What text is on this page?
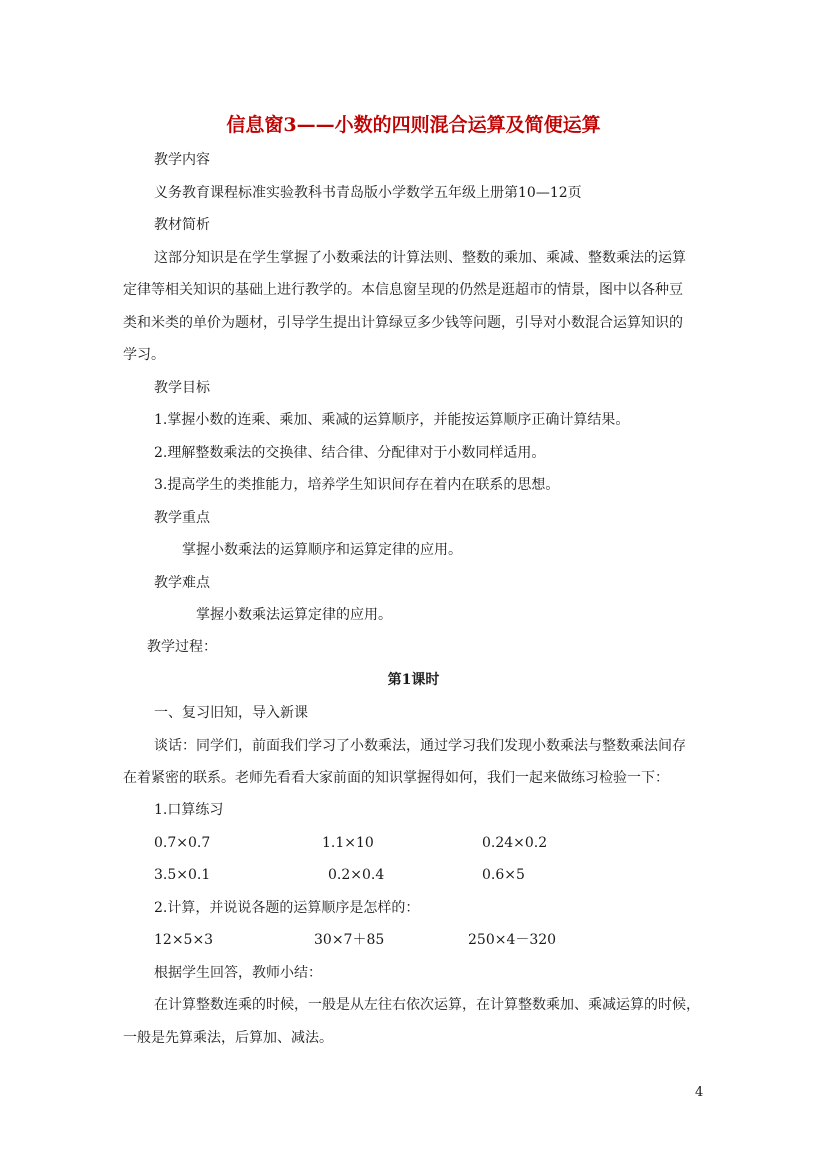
信息窗3——小数的四则混合运算及简便运算
教学内容
义务教育课程标准实验教科书青岛版小学数学五年级上册第10—12页
教材简析
这部分知识是在学生掌握了小数乘法的计算法则、整数的乘加、乘减、整数乘法的运算
定律等相关知识的基础上进行教学的。本信息窗呈现的仍然是逛超市的情景，图中以各种豆
类和米类的单价为题材，引导学生提出计算绿豆多少钱等问题，引导对小数混合运算知识的
学习。
教学目标
1.掌握小数的连乘、乘加、乘减的运算顺序，并能按运算顺序正确计算结果。
2.理解整数乘法的交换律、结合律、分配律对于小数同样适用。
3.提高学生的类推能力，培养学生知识间存在着内在联系的思想。
教学重点
掌握小数乘法的运算顺序和运算定律的应用。
教学难点
掌握小数乘法运算定律的应用。
教学过程：
第1课时
一、复习旧知，导入新课
谈话：同学们，前面我们学习了小数乘法，通过学习我们发现小数乘法与整数乘法间存
在着紧密的联系。老师先看看大家前面的知识掌握得如何，我们一起来做练习检验一下：
1.口算练习
0.7×0.7	1.1×10	0.24×0.2
3.5×0.1	0.2×0.4	0.6×5
2.计算，并说说各题的运算顺序是怎样的：
12×5×3	30×7＋85	250×4－320
根据学生回答，教师小结：
在计算整数连乘的时候，一般是从左往右依次运算，在计算整数乘加、乘减运算的时候，
一般是先算乘法，后算加、减法。
4
